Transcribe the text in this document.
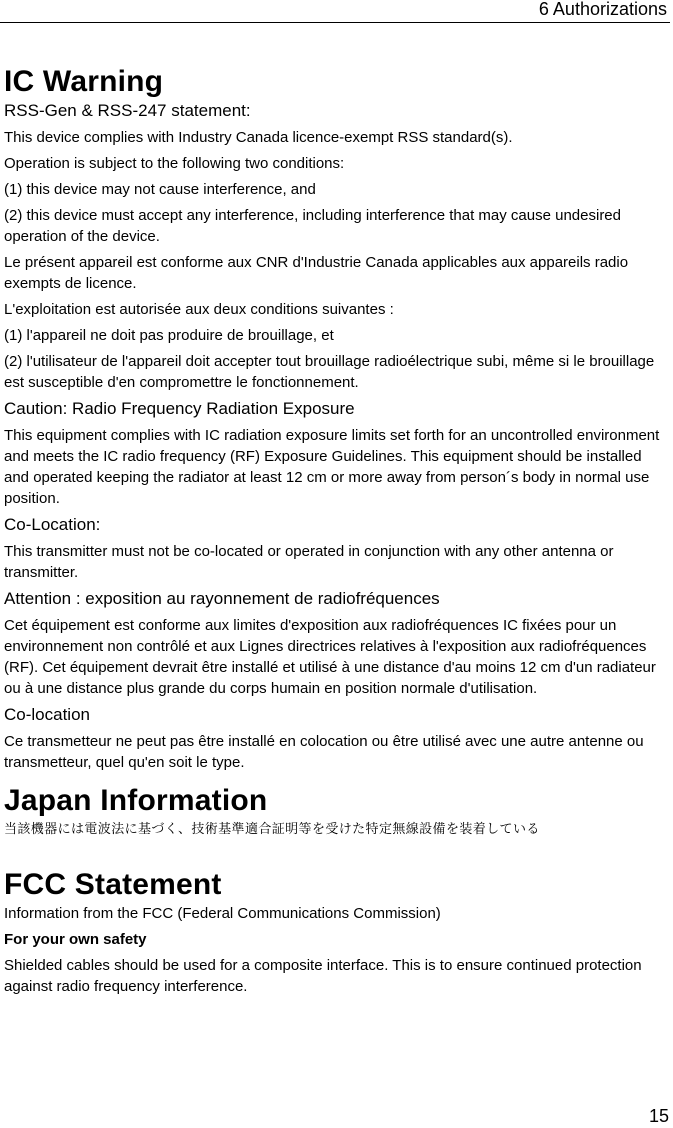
6 Authorizations
IC Warning
RSS-Gen & RSS-247 statement:

This device complies with Industry Canada licence-exempt RSS standard(s).

Operation is subject to the following two conditions:

(1) this device may not cause interference, and

(2) this device must accept any interference, including interference that may cause undesired operation of the device.

Le présent appareil est conforme aux CNR d'Industrie Canada applicables aux appareils radio exempts de licence.

L'exploitation est autorisée aux deux conditions suivantes :

(1) l'appareil ne doit pas produire de brouillage, et

(2) l'utilisateur de l'appareil doit accepter tout brouillage radioélectrique subi, même si le brouillage est susceptible d'en compromettre le fonctionnement.

Caution: Radio Frequency Radiation Exposure

This equipment complies with IC radiation exposure limits set forth for an uncontrolled environment and meets the IC radio frequency (RF) Exposure Guidelines. This equipment should be installed and operated keeping the radiator at least 12 cm or more away from person´s body in normal use position.

Co-Location:

This transmitter must not be co-located or operated in conjunction with any other antenna or transmitter.

Attention : exposition au rayonnement de radiofréquences

Cet équipement est conforme aux limites d'exposition aux radiofréquences IC fixées pour un environnement non contrôlé et aux Lignes directrices relatives à l'exposition aux radiofréquences (RF). Cet équipement devrait être installé et utilisé à une distance d'au moins 12 cm d'un radiateur ou à une distance plus grande du corps humain en position normale d'utilisation.

Co-location

Ce transmetteur ne peut pas être installé en colocation ou être utilisé avec une autre antenne ou transmetteur, quel qu'en soit le type.

Japan Information

当該機器には電波法に基づく、技術基準適合証明等を受けた特定無線設備を装着している

FCC Statement

Information from the FCC (Federal Communications Commission)

For your own safety

Shielded cables should be used for a composite interface. This is to ensure continued protection against radio frequency interference.

15
